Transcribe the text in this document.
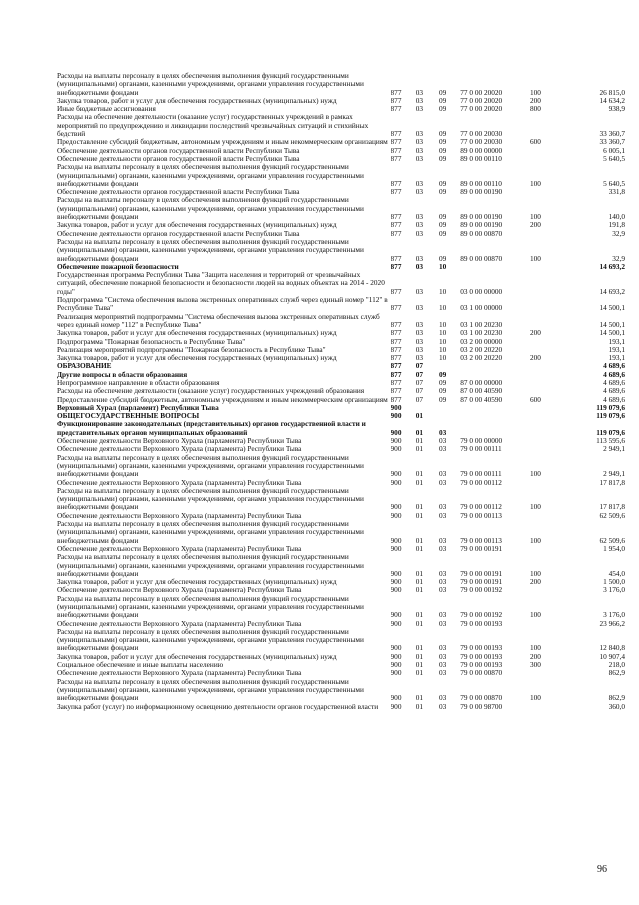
Расходы на выплаты персоналу в целях обеспечения выполнения функций государственными (муниципальными) органами, казенными учреждениями, органами управления государственными внебюджетными фондами	877	03	09	77 0 00 20020	100	26 815,0
Закупка товаров, работ и услуг для обеспечения государственных (муниципальных) нужд	877	03	09	77 0 00 20020	200	14 634,2
Иные бюджетные ассигнования	877	03	09	77 0 00 20020	800	938,9
Расходы на обеспечение деятельности (оказание услуг) государственных учреждений в рамках мероприятий по предупреждению и ликвидации последствий чрезвычайных ситуаций и стихийных бедствий	877	03	09	77 0 00 20030		33 360,7
Предоставление субсидий бюджетным, автономным учреждениям и иным некоммерческим организациям	877	03	09	77 0 00 20030	600	33 360,7
Обеспечение деятельности органов государственной власти Республики Тыва	877	03	09	89 0 00 00000		6 005,1
Обеспечение деятельности органов государственной власти Республики Тыва	877	03	09	89 0 00 00110		5 640,5
Расходы на выплаты персоналу в целях обеспечения выполнения функций государственными (муниципальными) органами, казенными учреждениями, органами управления государственными внебюджетными фондами	877	03	09	89 0 00 00110	100	5 640,5
Обеспечение деятельности органов государственной власти Республики Тыва	877	03	09	89 0 00 00190		331,8
Расходы на выплаты персоналу в целях обеспечения выполнения функций государственными (муниципальными) органами, казенными учреждениями, органами управления государственными внебюджетными фондами	877	03	09	89 0 00 00190	100	140,0
Закупка товаров, работ и услуг для обеспечения государственных (муниципальных) нужд	877	03	09	89 0 00 00190	200	191,8
Обеспечение деятельности органов государственной власти Республики Тыва	877	03	09	89 0 00 00870		32,9
Расходы на выплаты персоналу в целях обеспечения выполнения функций государственными (муниципальными) органами, казенными учреждениями, органами управления государственными внебюджетными фондами	877	03	09	89 0 00 00870	100	32,9
Обеспечение пожарной безопасности	877	03	10			14 693,2
Государственная программа Республики Тыва "Защита населения и территорий от чрезвычайных ситуаций, обеспечение пожарной безопасности и безопасности людей на водных объектах на 2014 - 2020 годы"	877	03	10	03 0 00 00000		14 693,2
Подпрограмма "Система обеспечения вызова экстренных оперативных служб через единый номер "112" в Республике Тыва"	877	03	10	03 1 00 00000		14 500,1
Реализация мероприятий подпрограммы "Система обеспечения вызова экстренных оперативных служб через единый номер "112" в Республике Тыва"	877	03	10	03 1 00 20230		14 500,1
Закупка товаров, работ и услуг для обеспечения государственных (муниципальных) нужд	877	03	10	03 1 00 20230	200	14 500,1
Подпрограмма "Пожарная безопасность в Республике Тыва"	877	03	10	03 2 00 00000		193,1
Реализация мероприятий подпрограммы "Пожарная безопасность в Республике Тыва"	877	03	10	03 2 00 20220		193,1
Закупка товаров, работ и услуг для обеспечения государственных (муниципальных) нужд	877	03	10	03 2 00 20220	200	193,1
ОБРАЗОВАНИЕ	877	07				4 689,6
Другие вопросы в области образования	877	07	09			4 689,6
Непрограммное направление в области образования	877	07	09	87 0 00 00000		4 689,6
Расходы на обеспечение деятельности (оказание услуг) государственных учреждений образования	877	07	09	87 0 00 40590		4 689,6
Предоставление субсидий бюджетным, автономным учреждениям и иным некоммерческим организациям	877	07	09	87 0 00 40590	600	4 689,6
Верховный Хурал (парламент) Республики Тыва	900					119 079,6
ОБЩЕГОСУДАРСТВЕННЫЕ ВОПРОСЫ	900	01				119 079,6
Функционирование законодательных (представительных) органов государственной власти и представительных органов муниципальных образований	900	01	03			119 079,6
Обеспечение деятельности Верховного Хурала (парламента) Республики Тыва	900	01	03	79 0 00 00000		113 595,6
Обеспечение деятельности Верховного Хурала (парламента) Республики Тыва	900	01	03	79 0 00 00111		2 949,1
Расходы на выплаты персоналу в целях обеспечения выполнения функций государственными (муниципальными) органами, казенными учреждениями, органами управления государственными внебюджетными фондами	900	01	03	79 0 00 00111	100	2 949,1
Обеспечение деятельности Верховного Хурала (парламента) Республики Тыва	900	01	03	79 0 00 00112		17 817,8
Расходы на выплаты персоналу в целях обеспечения выполнения функций государственными (муниципальными) органами, казенными учреждениями, органами управления государственными внебюджетными фондами	900	01	03	79 0 00 00112	100	17 817,8
Обеспечение деятельности Верховного Хурала (парламента) Республики Тыва	900	01	03	79 0 00 00113		62 509,6
Расходы на выплаты персоналу в целях обеспечения выполнения функций государственными (муниципальными) органами, казенными учреждениями, органами управления государственными внебюджетными фондами	900	01	03	79 0 00 00113	100	62 509,6
Обеспечение деятельности Верховного Хурала (парламента) Республики Тыва	900	01	03	79 0 00 00191		1 954,0
Расходы на выплаты персоналу в целях обеспечения выполнения функций государственными (муниципальными) органами, казенными учреждениями, органами управления государственными внебюджетными фондами	900	01	03	79 0 00 00191	100	454,0
Закупка товаров, работ и услуг для обеспечения государственных (муниципальных) нужд	900	01	03	79 0 00 00191	200	1 500,0
Обеспечение деятельности Верховного Хурала (парламента) Республики Тыва	900	01	03	79 0 00 00192		3 176,0
Расходы на выплаты персоналу в целях обеспечения выполнения функций государственными (муниципальными) органами, казенными учреждениями, органами управления государственными внебюджетными фондами	900	01	03	79 0 00 00192	100	3 176,0
Обеспечение деятельности Верховного Хурала (парламента) Республики Тыва	900	01	03	79 0 00 00193		23 966,2
Расходы на выплаты персоналу в целях обеспечения выполнения функций государственными (муниципальными) органами, казенными учреждениями, органами управления государственными внебюджетными фондами	900	01	03	79 0 00 00193	100	12 840,8
Закупка товаров, работ и услуг для обеспечения государственных (муниципальных) нужд	900	01	03	79 0 00 00193	200	10 907,4
Социальное обеспечение и иные выплаты населению	900	01	03	79 0 00 00193	300	218,0
Обеспечение деятельности Верховного Хурала (парламента) Республики Тыва	900	01	03	79 0 00 00870		862,9
Расходы на выплаты персоналу в целях обеспечения выполнения функций государственными (муниципальными) органами, казенными учреждениями, органами управления государственными внебюджетными фондами	900	01	03	79 0 00 00870	100	862,9
Закупка работ (услуг) по информационному освещению деятельности органов государственной власти	900	01	03	79 0 00 98700		360,0
96
